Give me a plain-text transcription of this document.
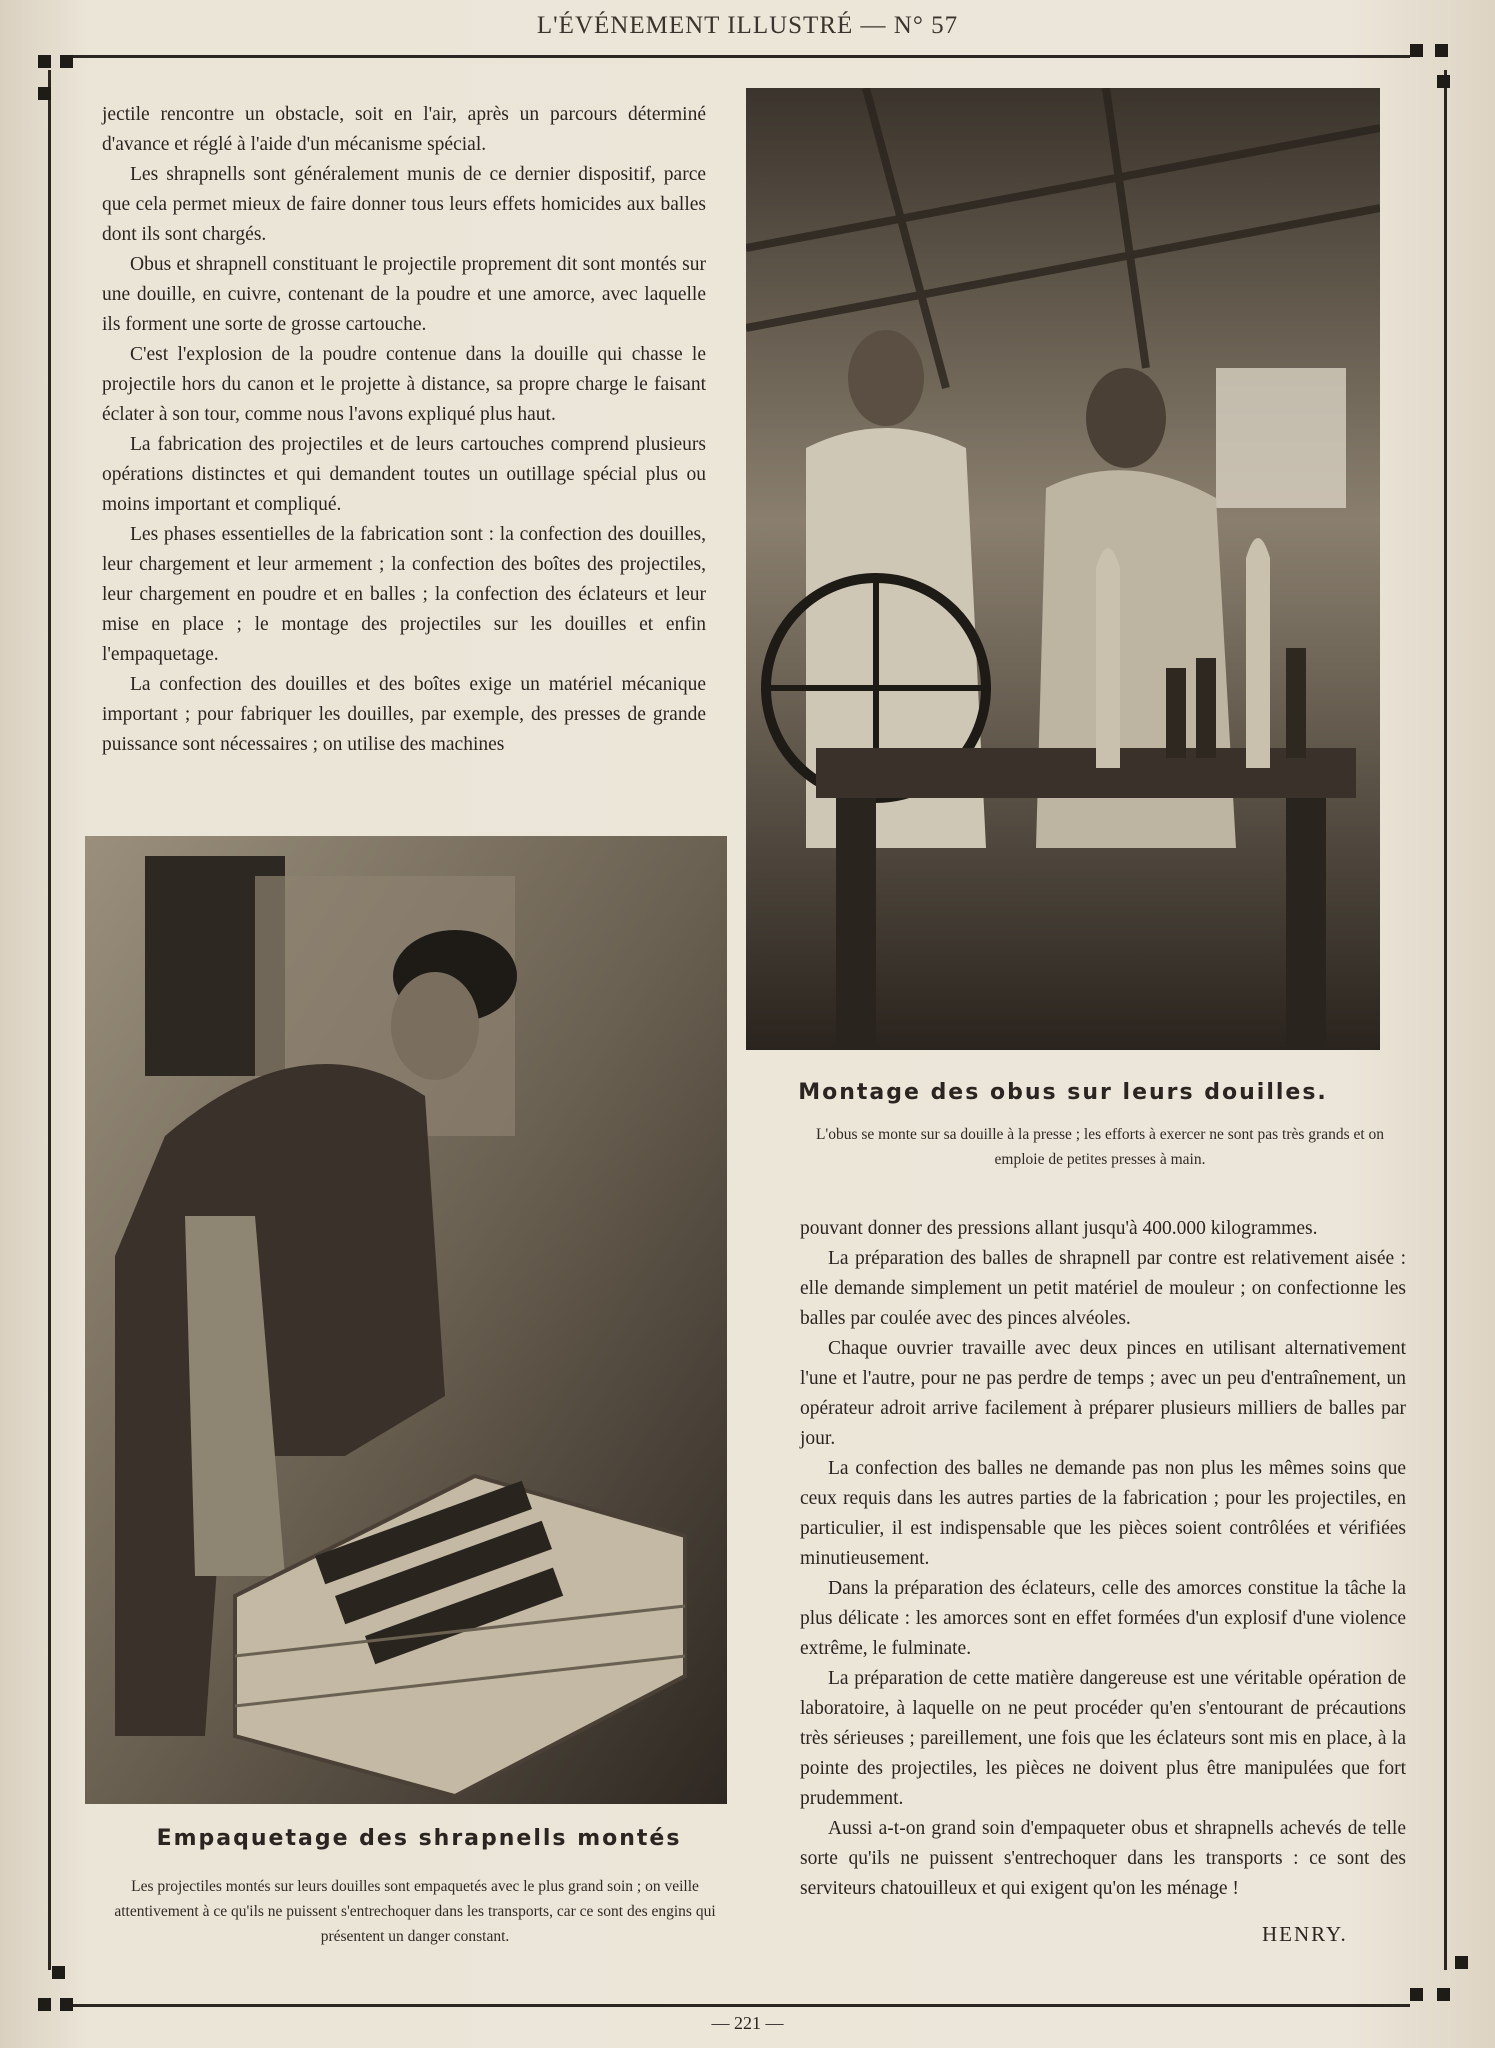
L'ÉVÉNEMENT ILLUSTRÉ — N° 57

jectile rencontre un obstacle, soit en l'air, après un parcours déterminé d'avance et réglé à l'aide d'un mécanisme spécial.

Les shrapnells sont généralement munis de ce dernier dispositif, parce que cela permet mieux de faire donner tous leurs effets homicides aux balles dont ils sont chargés.

Obus et shrapnell constituant le projectile proprement dit sont montés sur une douille, en cuivre, contenant de la poudre et une amorce, avec laquelle ils forment une sorte de grosse cartouche.

C'est l'explosion de la poudre contenue dans la douille qui chasse le projectile hors du canon et le projette à distance, sa propre charge le faisant éclater à son tour, comme nous l'avons expliqué plus haut.

La fabrication des projectiles et de leurs cartouches comprend plusieurs opérations distinctes et qui demandent toutes un outillage spécial plus ou moins important et compliqué.

Les phases essentielles de la fabrication sont : la confection des douilles, leur chargement et leur armement ; la confection des boîtes des projectiles, leur chargement en poudre et en balles ; la confection des éclateurs et leur mise en place ; le montage des projectiles sur les douilles et enfin l'empaquetage.

La confection des douilles et des boîtes exige un matériel mécanique important ; pour fabriquer les douilles, par exemple, des presses de grande puissance sont nécessaires ; on utilise des machines

Montage des obus sur leurs douilles.
L'obus se monte sur sa douille à la presse ; les efforts à exercer ne sont pas très grands et on emploie de petites presses à main.
Empaquetage des shrapnells montés
Les projectiles montés sur leurs douilles sont empaquetés avec le plus grand soin ; on veille attentivement à ce qu'ils ne puissent s'entrechoquer dans les transports, car ce sont des engins qui présentent un danger constant.

pouvant donner des pressions allant jusqu'à 400.000 kilogrammes.

La préparation des balles de shrapnell par contre est relativement aisée : elle demande simplement un petit matériel de mouleur ; on confectionne les balles par coulée avec des pinces alvéoles.

Chaque ouvrier travaille avec deux pinces en utilisant alternativement l'une et l'autre, pour ne pas perdre de temps ; avec un peu d'entraînement, un opérateur adroit arrive facilement à préparer plusieurs milliers de balles par jour.

La confection des balles ne demande pas non plus les mêmes soins que ceux requis dans les autres parties de la fabrication ; pour les projectiles, en particulier, il est indispensable que les pièces soient contrôlées et vérifiées minutieusement.

Dans la préparation des éclateurs, celle des amorces constitue la tâche la plus délicate : les amorces sont en effet formées d'un explosif d'une violence extrême, le fulminate.

La préparation de cette matière dangereuse est une véritable opération de laboratoire, à laquelle on ne peut procéder qu'en s'entourant de précautions très sérieuses ; pareillement, une fois que les éclateurs sont mis en place, à la pointe des projectiles, les pièces ne doivent plus être manipulées que fort prudemment.

Aussi a-t-on grand soin d'empaqueter obus et shrapnells achevés de telle sorte qu'ils ne puissent s'entrechoquer dans les transports : ce sont des serviteurs chatouilleux et qui exigent qu'on les ménage !

HENRY.
— 221 —
